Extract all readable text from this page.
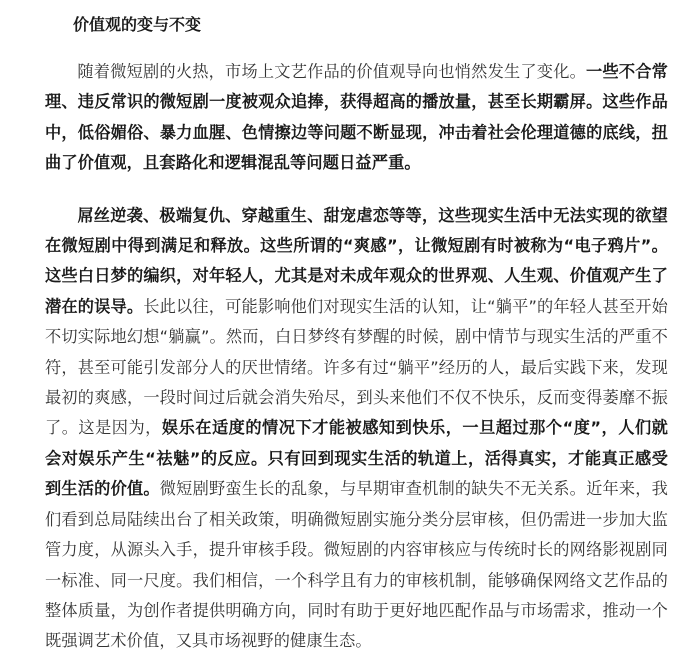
价值观的变与不变

随着微短剧的火热，市场上文艺作品的价值观导向也悄然发生了变化。一些不合常理、违反常识的微短剧一度被观众追捧，获得超高的播放量，甚至长期霸屏。这些作品中，低俗媚俗、暴力血腥、色情擦边等问题不断显现，冲击着社会伦理道德的底线，扭曲了价值观，且套路化和逻辑混乱等问题日益严重。

屌丝逆袭、极端复仇、穿越重生、甜宠虐恋等等，这些现实生活中无法实现的欲望在微短剧中得到满足和释放。这些所谓的“爽感”，让微短剧有时被称为“电子鸦片”。这些白日梦的编织，对年轻人，尤其是对未成年观众的世界观、人生观、价值观产生了潜在的误导。长此以往，可能影响他们对现实生活的认知，让“躺平”的年轻人甚至开始不切实际地幻想“躺赢”。然而，白日梦终有梦醒的时候，剧中情节与现实生活的严重不符，甚至可能引发部分人的厌世情绪。许多有过“躺平”经历的人，最后实践下来，发现最初的爽感，一段时间过后就会消失殆尽，到头来他们不仅不快乐，反而变得萎靡不振了。这是因为，娱乐在适度的情况下才能被感知到快乐，一旦超过那个“度”，人们就会对娱乐产生“祛魅”的反应。只有回到现实生活的轨道上，活得真实，才能真正感受到生活的价值。微短剧野蛮生长的乱象，与早期审查机制的缺失不无关系。近年来，我们看到总局陆续出台了相关政策，明确微短剧实施分类分层审核，但仍需进一步加大监管力度，从源头入手，提升审核手段。微短剧的内容审核应与传统时长的网络影视剧同一标准、同一尺度。我们相信，一个科学且有力的审核机制，能够确保网络文艺作品的整体质量，为创作者提供明确方向，同时有助于更好地匹配作品与市场需求，推动一个既强调艺术价值，又具市场视野的健康生态。
